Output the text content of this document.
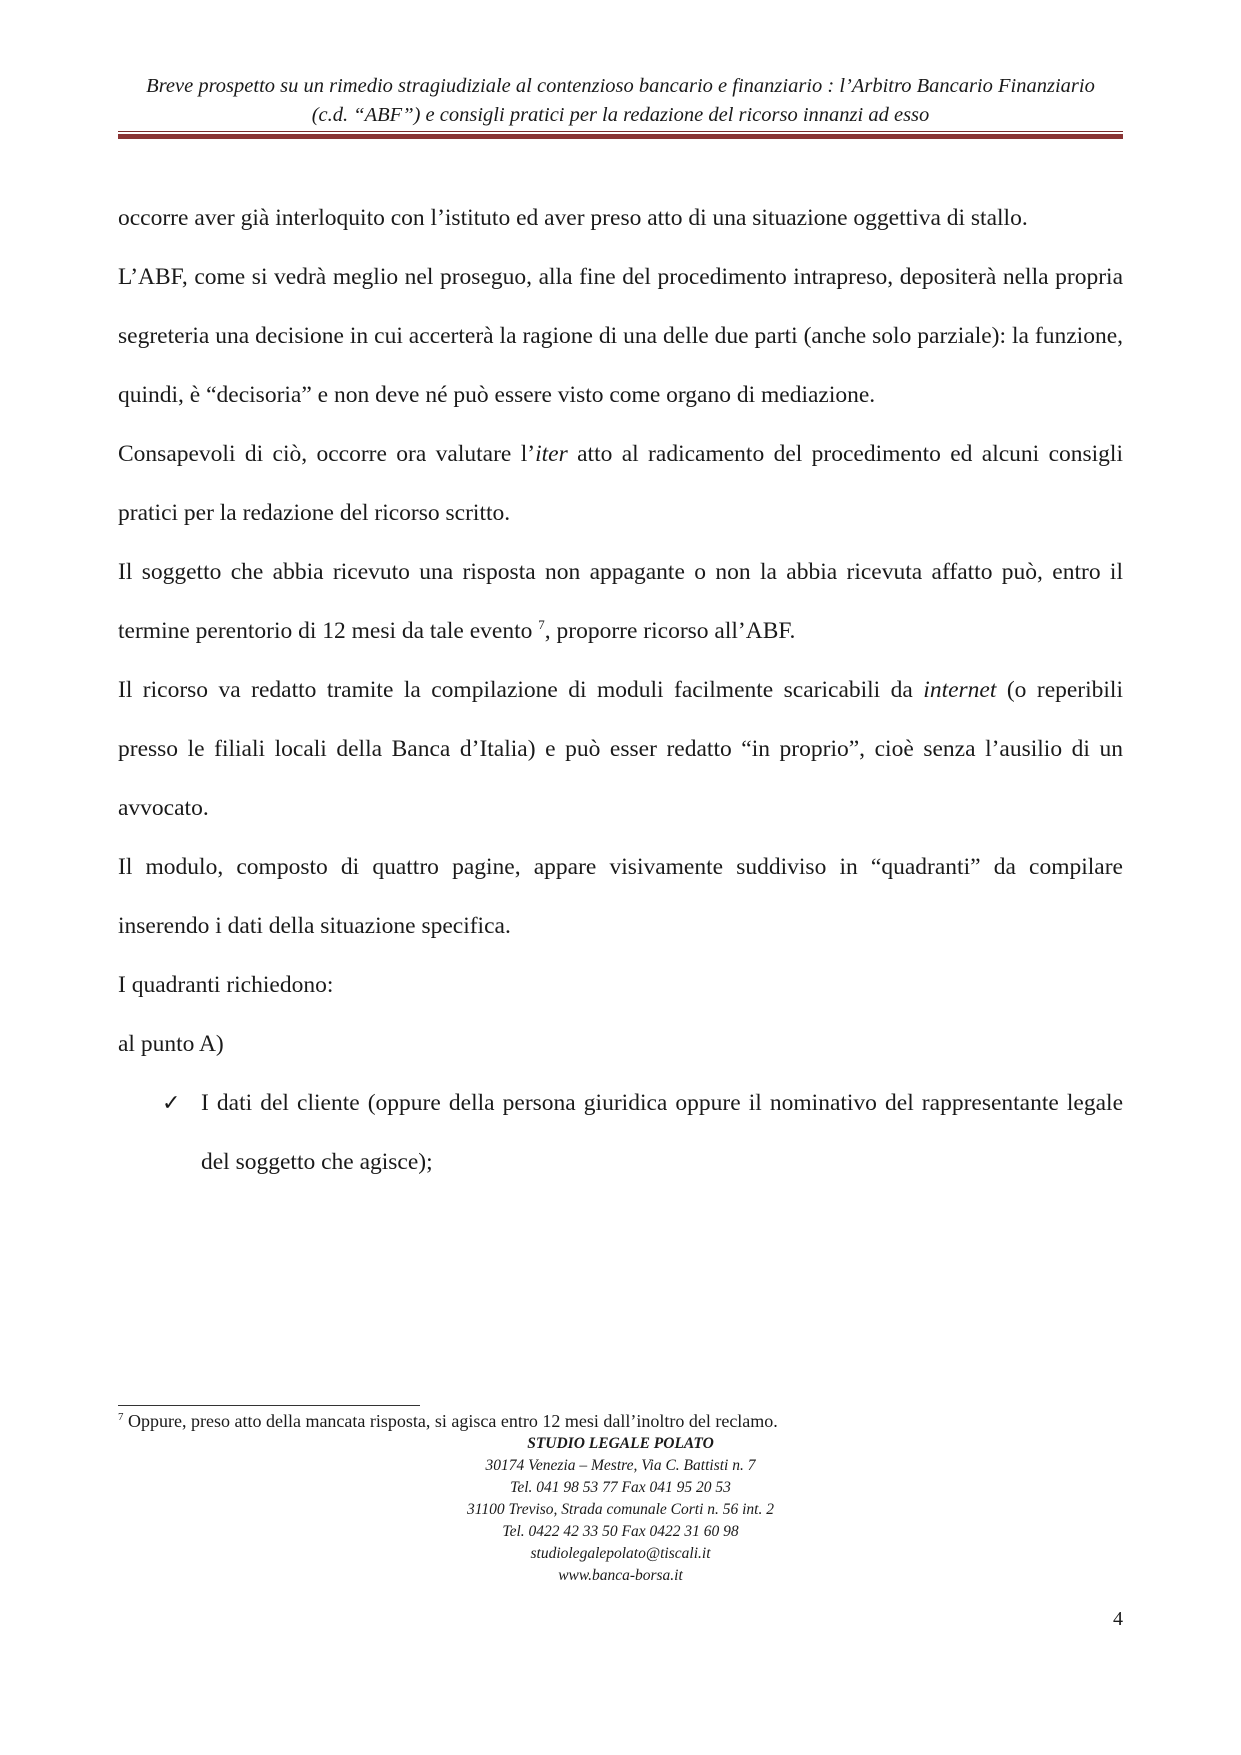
Breve prospetto su un rimedio stragiudiziale al contenzioso bancario e finanziario : l’Arbitro Bancario Finanziario
(c.d. “ABF”) e consigli pratici per la redazione del ricorso innanzi ad esso

occorre aver già interloquito con l’istituto ed aver preso atto di una situazione oggettiva di stallo.

L’ABF, come si vedrà meglio nel proseguo, alla fine del procedimento intrapreso, depositerà nella propria segreteria una decisione in cui accerterà la ragione di una delle due parti (anche solo parziale): la funzione, quindi, è “decisoria” e non deve né può essere visto come organo di mediazione.

Consapevoli di ciò, occorre ora valutare l’iter atto al radicamento del procedimento ed alcuni consigli pratici per la redazione del ricorso scritto.

Il soggetto che abbia ricevuto una risposta non appagante o non la abbia ricevuta affatto può, entro il termine perentorio di 12 mesi da tale evento $^7$, proporre ricorso all’ABF.

Il ricorso va redatto tramite la compilazione di moduli facilmente scaricabili da internet (o reperibili presso le filiali locali della Banca d’Italia) e può esser redatto “in proprio”, cioè senza l’ausilio di un avvocato.

Il modulo, composto di quattro pagine, appare visivamente suddiviso in “quadranti” da compilare inserendo i dati della situazione specifica.

I quadranti richiedono:

al punto A)

✓ I dati del cliente (oppure della persona giuridica oppure il nominativo del rappresentante legale del soggetto che agisce);

$^7$ Oppure, preso atto della mancata risposta, si agisca entro 12 mesi dall’inoltro del reclamo.
STUDIO LEGALE POLATO
30174 Venezia – Mestre, Via C. Battisti n. 7
Tel. 041 98 53 77 Fax 041 95 20 53
31100 Treviso, Strada comunale Corti n. 56 int. 2
Tel. 0422 42 33 50 Fax 0422 31 60 98
studiolegalepolato@tiscali.it
www.banca-borsa.it
4
